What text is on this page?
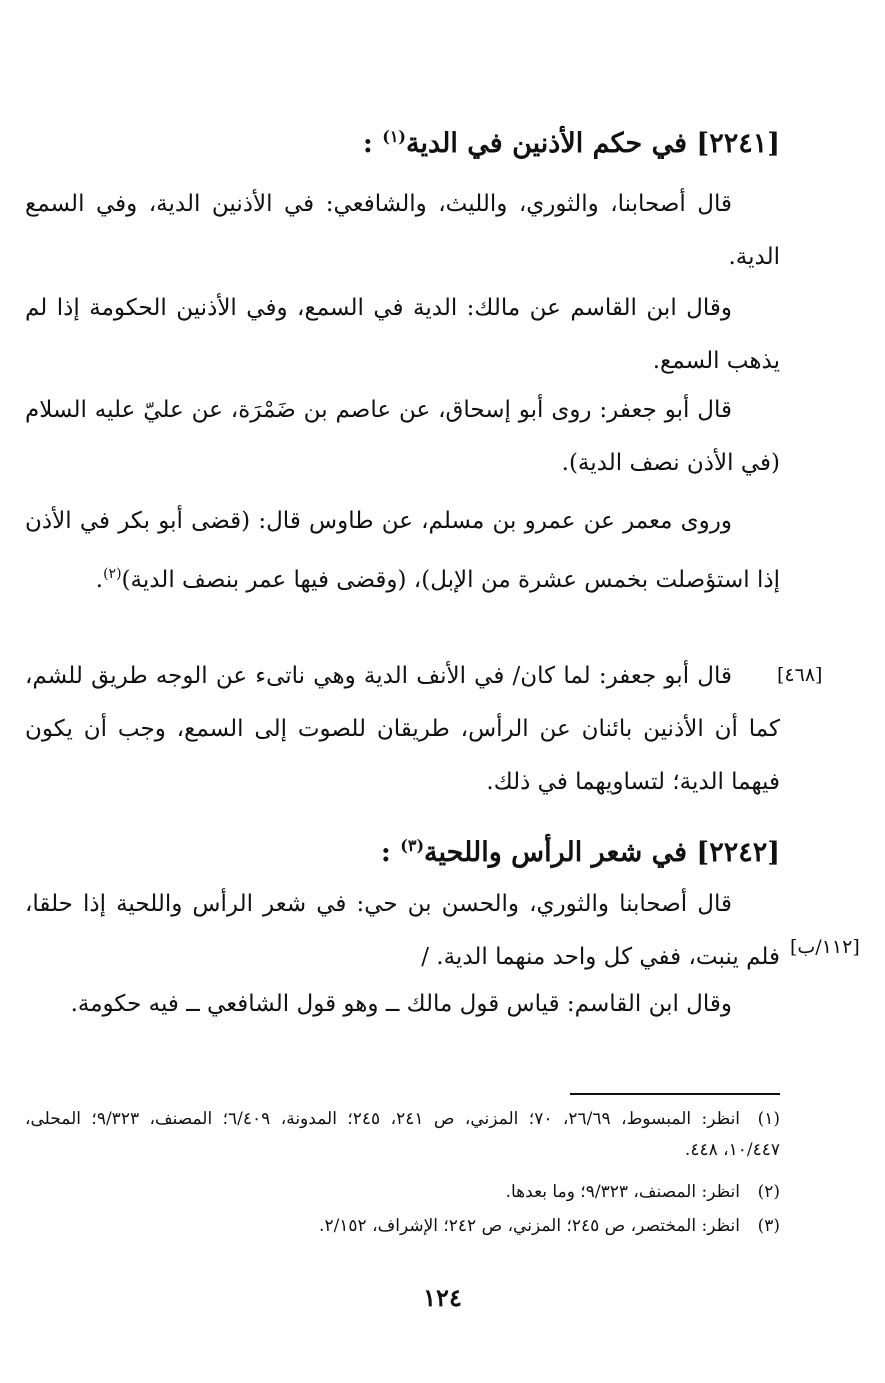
[٢٢٤١] في حكم الأذنين في الدية$^{(١)}$ :
قال أصحابنا، والثوري، والليث، والشافعي: في الأذنين الدية، وفي السمع الدية.
وقال ابن القاسم عن مالك: الدية في السمع، وفي الأذنين الحكومة إذا لم يذهب السمع.
قال أبو جعفر: روى أبو إسحاق، عن عاصم بن ضَمْرَة، عن عليّ عليه السلام (في الأذن نصف الدية).
وروى معمر عن عمرو بن مسلم، عن طاوس قال: (قضى أبو بكر في الأذن إذا استؤصلت بخمس عشرة من الإبل)، (وقضى فيها عمر بنصف الدية)$^{(٢)}$.
[٤٦٨]
قال أبو جعفر: لما كان/ في الأنف الدية وهي ناتىء عن الوجه طريق للشم، كما أن الأذنين بائنان عن الرأس، طريقان للصوت إلى السمع، وجب أن يكون فيهما الدية؛ لتساويهما في ذلك.
[٢٢٤٢] في شعر الرأس واللحية$^{(٣)}$ :
[١١٢/ب]
قال أصحابنا والثوري، والحسن بن حي: في شعر الرأس واللحية إذا حلقا، فلم ينبت، ففي كل واحد منهما الدية. /
وقال ابن القاسم: قياس قول مالك ــ وهو قول الشافعي ــ فيه حكومة.
(١)انظر: المبسوط، ٢٦/٦٩، ٧٠؛ المزني، ص ٢٤١، ٢٤٥؛ المدونة، ٦/٤٠٩؛ المصنف، ٩/٣٢٣؛ المحلى، ١٠/٤٤٧، ٤٤٨.
(٢)انظر: المصنف، ٩/٣٢٣؛ وما بعدها.
(٣)انظر: المختصر، ص ٢٤٥؛ المزني، ص ٢٤٢؛ الإشراف، ٢/١٥٢.
١٢٤
